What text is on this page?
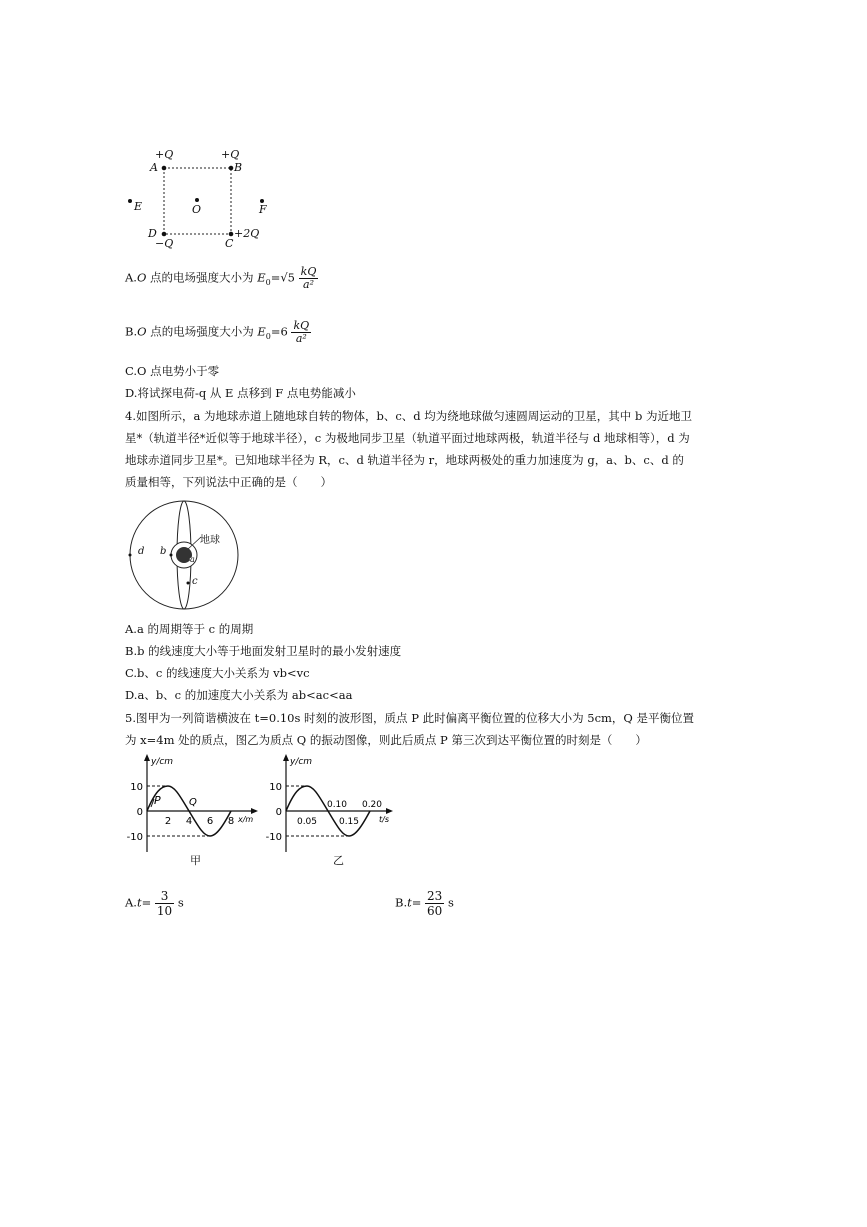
+Q	+Q
A	B
E	O	F
D	+2Q
−Q	C
A.O 点的电场强度大小为 $E_0=√5 \frac{kQ}{\text{a²}}$
B.O 点的电场强度大小为 $E_0=6 \frac{kQ}{\text{a²}}$
C.O 点电势小于零
D.将试探电荷-q 从 E 点移到 F 点电势能减小
4.如图所示，a 为地球赤道上随地球自转的物体，b、c、d 均为绕地球做匀速圆周运动的卫星，其中 b 为近地卫星*（轨道半径*近似等于地球半径），c 为极地同步卫星（轨道平面过地球两极，轨道半径与 d 地球相等），d 为地球赤道同步卫星*。已知地球半径为 R，c、d 轨道半径为 r，地球两极处的重力加速度为 g，a、b、c、d 的质量相等，下列说法中正确的是（　　）
地球
d b
a
c
A.a 的周期等于 c 的周期
B.b 的线速度大小等于地面发射卫星时的最小发射速度
C.b、c 的线速度大小关系为 vb<vc
D.a、b、c 的加速度大小关系为 ab<ac<aa
5.图甲为一列简谐横波在 t=0.10s 时刻的波形图，质点 P 此时偏离平衡位置的位移大小为 5cm，Q 是平衡位置为 x=4m 处的质点，图乙为质点 Q 的振动图像，则此后质点 P 第三次到达平衡位置的时刻是（　　）
10
0
-10
2 4 6 8
P	Q
y/cm
x/m
甲
10
0
-10
0.10 0.20
0.05 0.15
y/cm
t/s
乙
$A.t= \frac{3}{10}$ s	$B.t= \frac{23}{60}$ s
